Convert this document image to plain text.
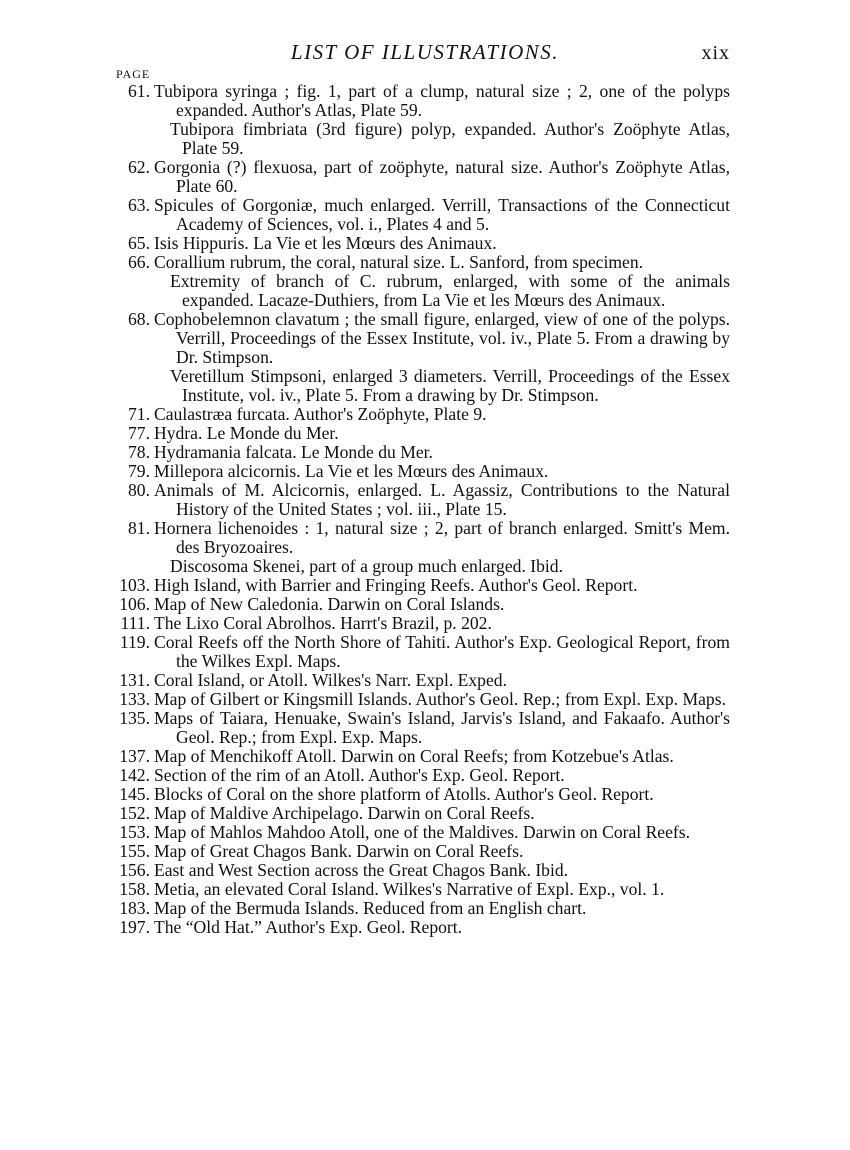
LIST OF ILLUSTRATIONS.	xix
PAGE
61. Tubipora syringa ; fig. 1, part of a clump, natural size ; 2, one of the polyps expanded. Author's Atlas, Plate 59.
Tubipora fimbriata (3rd figure) polyp, expanded. Author's Zoöphyte Atlas, Plate 59.
62. Gorgonia (?) flexuosa, part of zoöphyte, natural size. Author's Zoöphyte Atlas, Plate 60.
63. Spicules of Gorgoniæ, much enlarged. Verrill, Transactions of the Connecticut Academy of Sciences, vol. i., Plates 4 and 5.
65. Isis Hippuris. La Vie et les Mœurs des Animaux.
66. Corallium rubrum, the coral, natural size. L. Sanford, from specimen.
Extremity of branch of C. rubrum, enlarged, with some of the animals expanded. Lacaze-Duthiers, from La Vie et les Mœurs des Animaux.
68. Cophobelemnon clavatum ; the small figure, enlarged, view of one of the polyps. Verrill, Proceedings of the Essex Institute, vol. iv., Plate 5. From a drawing by Dr. Stimpson.
Veretillum Stimpsoni, enlarged 3 diameters. Verrill, Proceedings of the Essex Institute, vol. iv., Plate 5. From a drawing by Dr. Stimpson.
71. Caulastræa furcata. Author's Zoöphyte, Plate 9.
77. Hydra. Le Monde du Mer.
78. Hydramania falcata. Le Monde du Mer.
79. Millepora alcicornis. La Vie et les Mœurs des Animaux.
80. Animals of M. Alcicornis, enlarged. L. Agassiz, Contributions to the Natural History of the United States ; vol. iii., Plate 15.
81. Hornera lichenoides : 1, natural size ; 2, part of branch enlarged. Smitt's Mem. des Bryozoaires.
Discosoma Skenei, part of a group much enlarged. Ibid.
103. High Island, with Barrier and Fringing Reefs. Author's Geol. Report.
106. Map of New Caledonia. Darwin on Coral Islands.
111. The Lixo Coral Abrolhos. Harrt's Brazil, p. 202.
119. Coral Reefs off the North Shore of Tahiti. Author's Exp. Geological Report, from the Wilkes Expl. Maps.
131. Coral Island, or Atoll. Wilkes's Narr. Expl. Exped.
133. Map of Gilbert or Kingsmill Islands. Author's Geol. Rep.; from Expl. Exp. Maps.
135. Maps of Taiara, Henuake, Swain's Island, Jarvis's Island, and Fakaafo. Author's Geol. Rep.; from Expl. Exp. Maps.
137. Map of Menchikoff Atoll. Darwin on Coral Reefs; from Kotzebue's Atlas.
142. Section of the rim of an Atoll. Author's Exp. Geol. Report.
145. Blocks of Coral on the shore platform of Atolls. Author's Geol. Report.
152. Map of Maldive Archipelago. Darwin on Coral Reefs.
153. Map of Mahlos Mahdoo Atoll, one of the Maldives. Darwin on Coral Reefs.
155. Map of Great Chagos Bank. Darwin on Coral Reefs.
156. East and West Section across the Great Chagos Bank. Ibid.
158. Metia, an elevated Coral Island. Wilkes's Narrative of Expl. Exp., vol. 1.
183. Map of the Bermuda Islands. Reduced from an English chart.
197. The “Old Hat.” Author's Exp. Geol. Report.
